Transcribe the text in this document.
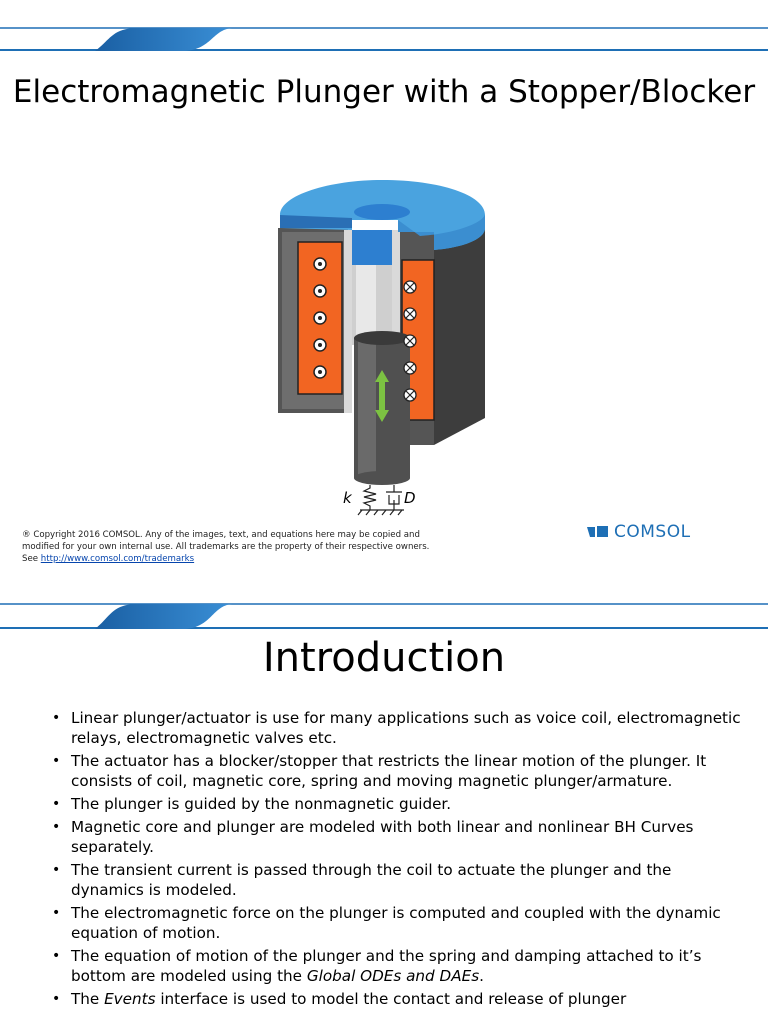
Electromagnetic Plunger with a Stopper/Blocker
k	D
® Copyright 2016 COMSOL. Any of the images, text, and equations here may be copied and
modified for your own internal use. All trademarks are the property of their respective owners.
See http://www.comsol.com/trademarks
COMSOL
Introduction
• Linear plunger/actuator is use for many applications such as voice coil, electromagnetic relays, electromagnetic valves etc.
• The actuator has a blocker/stopper that restricts the linear motion of the plunger. It consists of coil, magnetic core, spring and moving magnetic plunger/armature.
• The plunger is guided by the nonmagnetic guider.
• Magnetic core and plunger are modeled with both linear and nonlinear BH Curves separately.
• The transient current is passed through the coil to actuate the plunger and the dynamics is modeled.
• The electromagnetic force on the plunger is computed and coupled with the dynamic equation of motion.
• The equation of motion of the plunger and the spring and damping attached to it’s bottom are modeled using the Global ODEs and DAEs.
• The Events interface is used to model the contact and release of plunger
